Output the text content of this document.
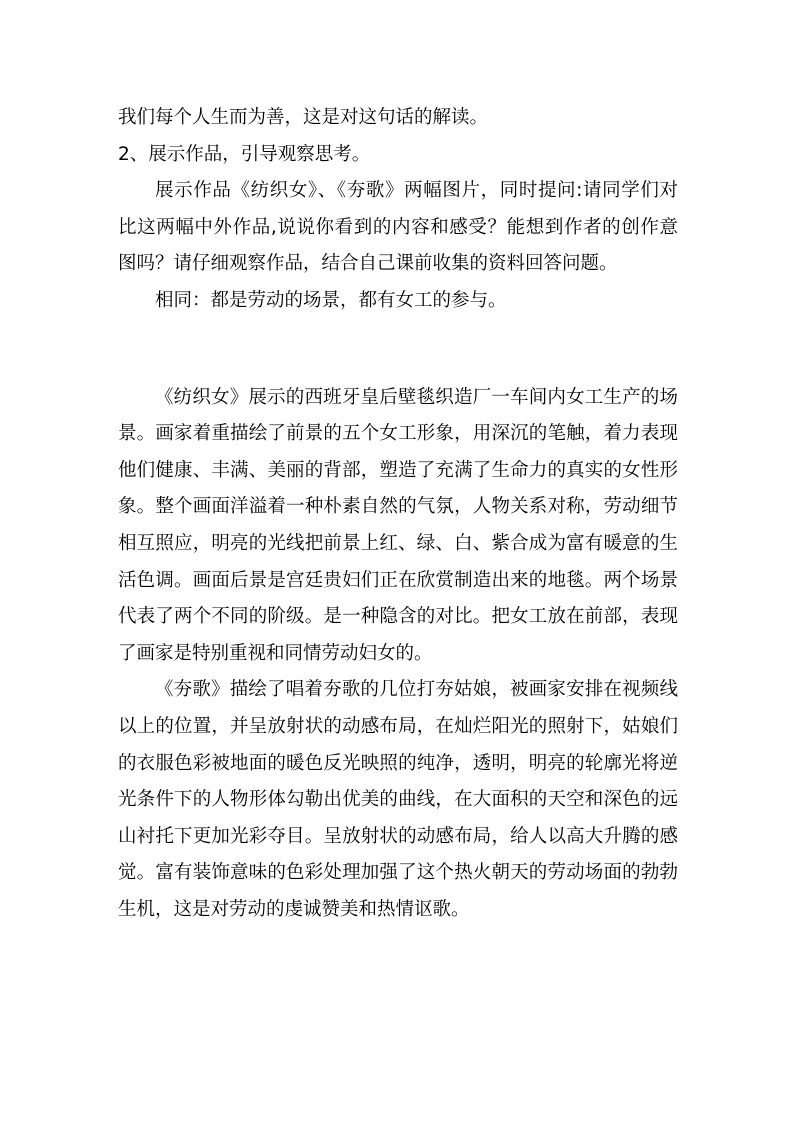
我们每个人生而为善，这是对这句话的解读。

2、展示作品，引导观察思考。

展示作品《纺织女》、《夯歌》两幅图片，同时提问:请同学们对比这两幅中外作品,说说你看到的内容和感受？能想到作者的创作意图吗？请仔细观察作品，结合自己课前收集的资料回答问题。

相同：都是劳动的场景，都有女工的参与。

《纺织女》展示的西班牙皇后壁毯织造厂一车间内女工生产的场景。画家着重描绘了前景的五个女工形象，用深沉的笔触，着力表现他们健康、丰满、美丽的背部，塑造了充满了生命力的真实的女性形象。整个画面洋溢着一种朴素自然的气氛，人物关系对称，劳动细节相互照应，明亮的光线把前景上红、绿、白、紫合成为富有暖意的生活色调。画面后景是宫廷贵妇们正在欣赏制造出来的地毯。两个场景代表了两个不同的阶级。是一种隐含的对比。把女工放在前部，表现了画家是特别重视和同情劳动妇女的。

《夯歌》描绘了唱着夯歌的几位打夯姑娘，被画家安排在视频线以上的位置，并呈放射状的动感布局，在灿烂阳光的照射下，姑娘们的衣服色彩被地面的暖色反光映照的纯净，透明，明亮的轮廓光将逆光条件下的人物形体勾勒出优美的曲线，在大面积的天空和深色的远山衬托下更加光彩夺目。呈放射状的动感布局，给人以高大升腾的感觉。富有装饰意味的色彩处理加强了这个热火朝天的劳动场面的勃勃生机，这是对劳动的虔诚赞美和热情讴歌。
